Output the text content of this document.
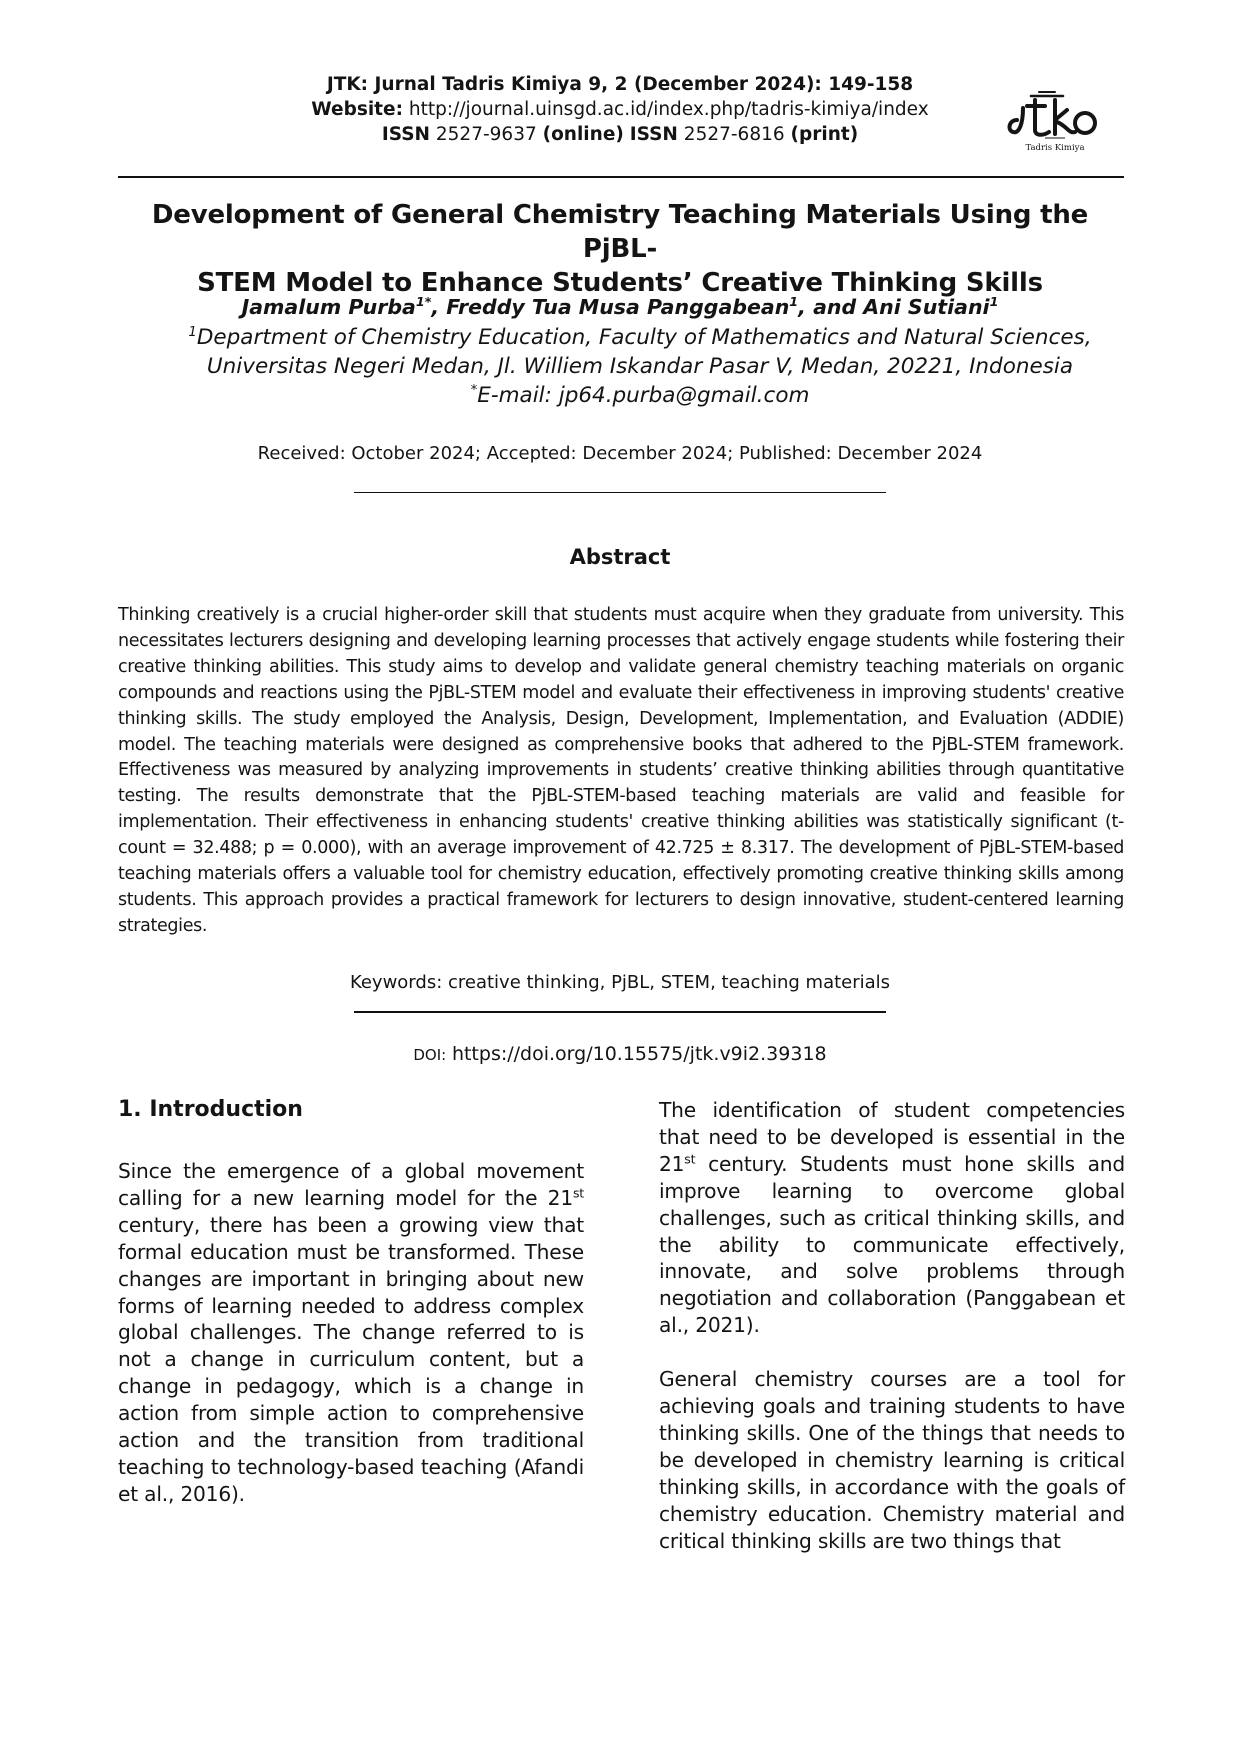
JTK: Jurnal Tadris Kimiya 9, 2 (December 2024): 149-158
Website: http://journal.uinsgd.ac.id/index.php/tadris-kimiya/index
ISSN 2527-9637 (online) ISSN 2527-6816 (print)
Tadris Kimiya
Development of General Chemistry Teaching Materials Using the PjBL-
STEM Model to Enhance Students’ Creative Thinking Skills
Jamalum Purba$^{1*}$, Freddy Tua Musa Panggabean$^1$, and Ani Sutiani$^1$
$^1$Department of Chemistry Education, Faculty of Mathematics and Natural Sciences,
Universitas Negeri Medan, Jl. Williem Iskandar Pasar V, Medan, 20221, Indonesia
*E-mail: jp64.purba@gmail.com
Received: October 2024; Accepted: December 2024; Published: December 2024
Abstract
Thinking creatively is a crucial higher-order skill that students must acquire when they graduate from university. This necessitates lecturers designing and developing learning processes that actively engage students while fostering their creative thinking abilities. This study aims to develop and validate general chemistry teaching materials on organic compounds and reactions using the PjBL-STEM model and evaluate their effectiveness in improving students' creative thinking skills. The study employed the Analysis, Design, Development, Implementation, and Evaluation (ADDIE) model. The teaching materials were designed as comprehensive books that adhered to the PjBL-STEM framework. Effectiveness was measured by analyzing improvements in students’ creative thinking abilities through quantitative testing. The results demonstrate that the PjBL-STEM-based teaching materials are valid and feasible for implementation. Their effectiveness in enhancing students' creative thinking abilities was statistically significant (t-count = 32.488; p = 0.000), with an average improvement of 42.725 ± 8.317. The development of PjBL-STEM-based teaching materials offers a valuable tool for chemistry education, effectively promoting creative thinking skills among students. This approach provides a practical framework for lecturers to design innovative, student-centered learning strategies.
Keywords: creative thinking, PjBL, STEM, teaching materials
DOI: https://doi.org/10.15575/jtk.v9i2.39318
1. Introduction

Since the emergence of a global movement calling for a new learning model for the 21st century, there has been a growing view that formal education must be transformed. These changes are important in bringing about new forms of learning needed to address complex global challenges. The change referred to is not a change in curriculum content, but a change in pedagogy, which is a change in action from simple action to comprehensive action and the transition from traditional teaching to technology-based teaching (Afandi et al., 2016).

The identification of student competencies that need to be developed is essential in the 21st century. Students must hone skills and improve learning to overcome global challenges, such as critical thinking skills, and the ability to communicate effectively, innovate, and solve problems through negotiation and collaboration (Panggabean et al., 2021).

General chemistry courses are a tool for achieving goals and training students to have thinking skills. One of the things that needs to be developed in chemistry learning is critical thinking skills, in accordance with the goals of chemistry education. Chemistry material and critical thinking skills are two things that
